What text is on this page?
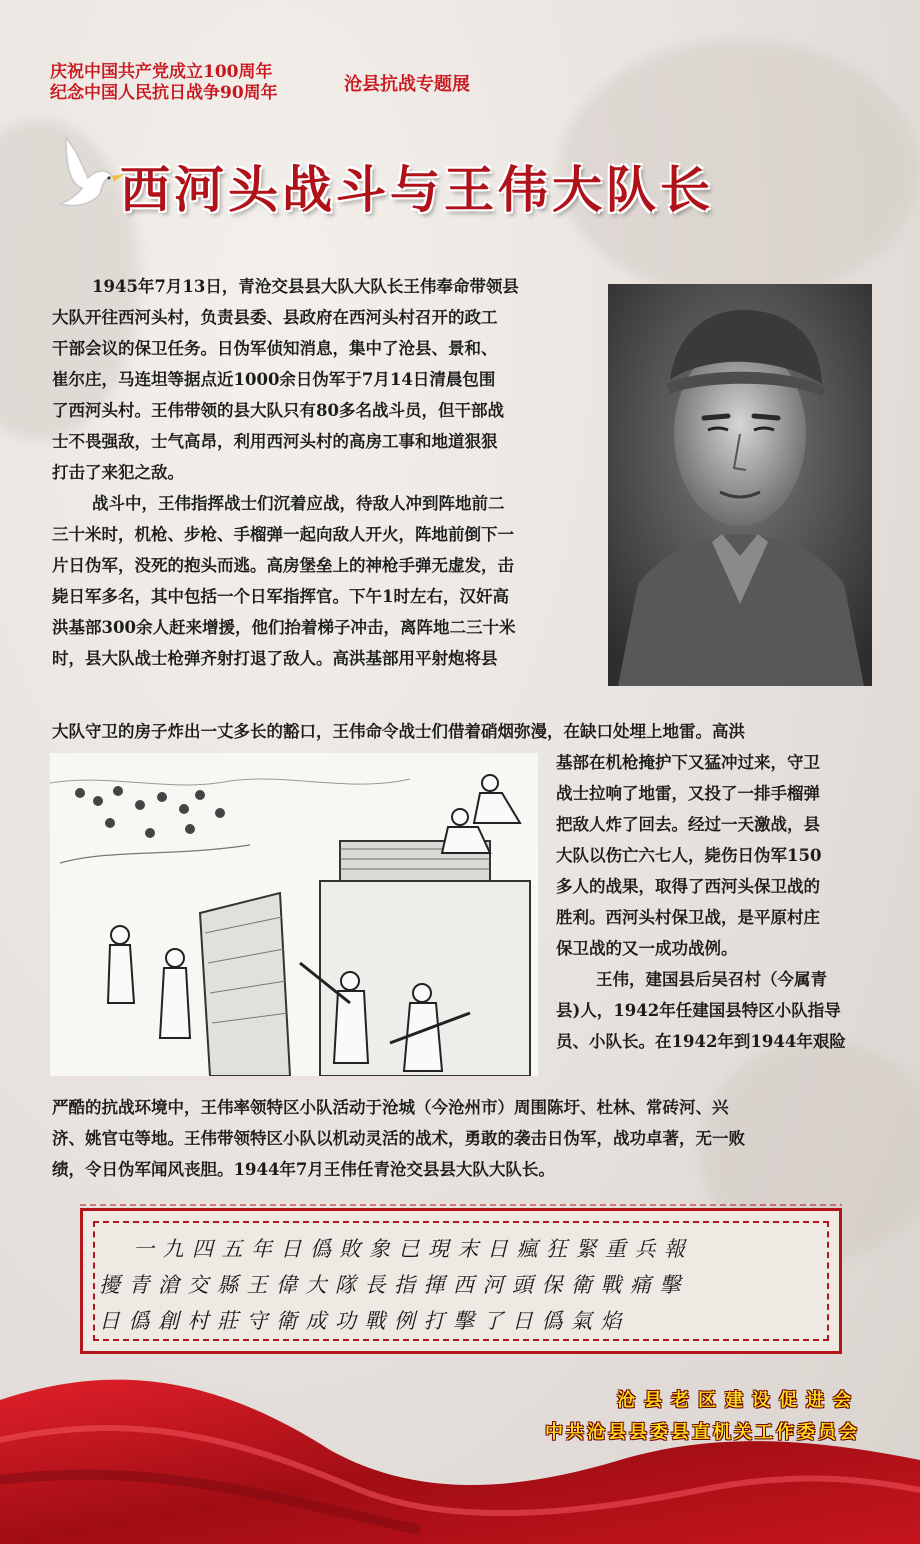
庆祝中国共产党成立100周年
纪念中国人民抗日战争90周年	沧县抗战专题展
西河头战斗与王伟大队长
1945年7月13日，青沧交县县大队大队长王伟奉命带领县
大队开往西河头村，负责县委、县政府在西河头村召开的政工
干部会议的保卫任务。日伪军侦知消息，集中了沧县、景和、
崔尔庄，马连坦等据点近1000余日伪军于7月14日清晨包围
了西河头村。王伟带领的县大队只有80多名战斗员，但干部战
士不畏强敌，士气高昂，利用西河头村的高房工事和地道狠狠
打击了来犯之敌。
战斗中，王伟指挥战士们沉着应战，待敌人冲到阵地前二
三十米时，机枪、步枪、手榴弹一起向敌人开火，阵地前倒下一
片日伪军，没死的抱头而逃。高房堡垒上的神枪手弹无虚发，击
毙日军多名，其中包括一个日军指挥官。下午1时左右，汉奸高
洪基部300余人赶来增援，他们抬着梯子冲击，离阵地二三十米
时，县大队战士枪弹齐射打退了敌人。高洪基部用平射炮将县
大队守卫的房子炸出一丈多长的豁口，王伟命令战士们借着硝烟弥漫，在缺口处埋上地雷。高洪
基部在机枪掩护下又猛冲过来，守卫
战士拉响了地雷，又投了一排手榴弹
把敌人炸了回去。经过一天激战，县
大队以伤亡六七人，毙伤日伪军150
多人的战果，取得了西河头保卫战的
胜利。西河头村保卫战，是平原村庄
保卫战的又一成功战例。
王伟，建国县后吴召村（今属青
县)人，1942年任建国县特区小队指导
员、小队长。在1942年到1944年艰险
严酷的抗战环境中，王伟率领特区小队活动于沧城（今沧州市）周围陈圩、杜林、常砖河、兴
济、姚官屯等地。王伟带领特区小队以机动灵活的战术，勇敢的袭击日伪军，战功卓著，无一败
绩，令日伪军闻风丧胆。1944年7月王伟任青沧交县县大队大队长。
一九四五年日僞敗象已現末日瘋狂緊重兵報
擾青滄交縣王偉大隊長指揮西河頭保衛戰痛擊
日僞創村莊守衛成功戰例打擊了日僞氣焰
沧县老区建设促进会
中共沧县县委县直机关工作委员会
